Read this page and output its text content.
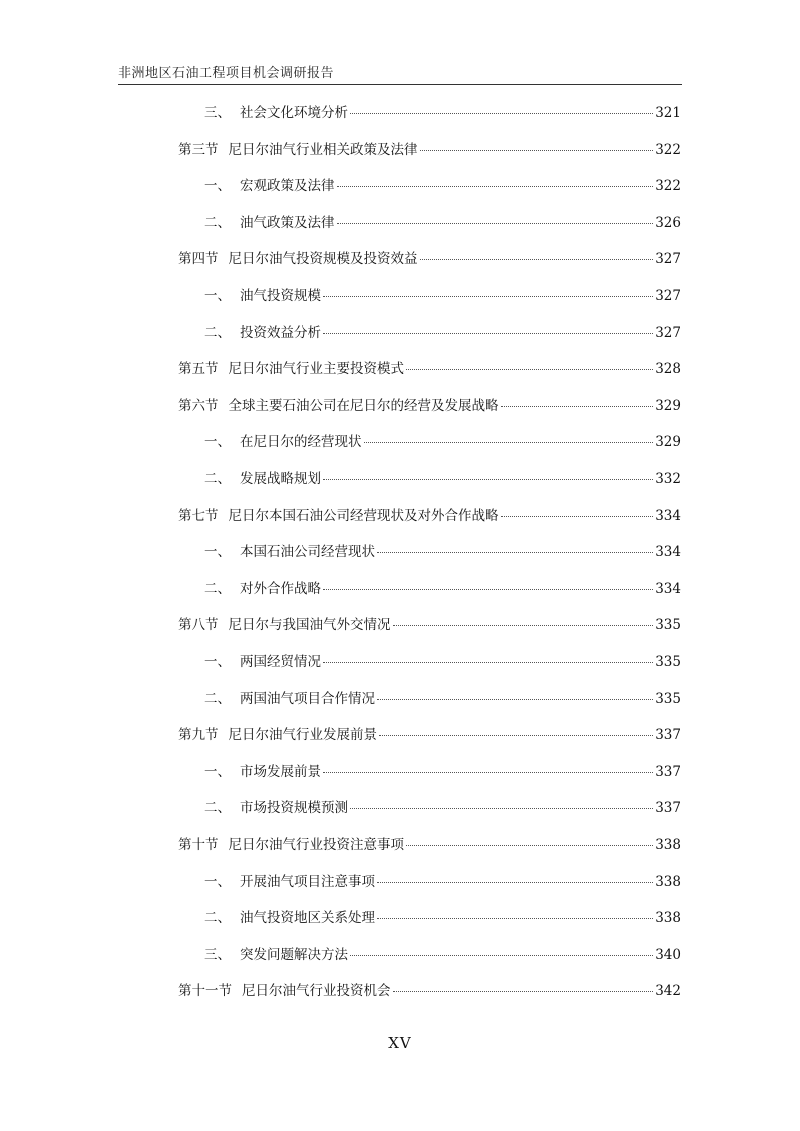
非洲地区石油工程项目机会调研报告
三、 社会文化环境分析	321
第三节 尼日尔油气行业相关政策及法律	322
一、 宏观政策及法律	322
二、 油气政策及法律	326
第四节 尼日尔油气投资规模及投资效益	327
一、 油气投资规模	327
二、 投资效益分析	327
第五节 尼日尔油气行业主要投资模式	328
第六节 全球主要石油公司在尼日尔的经营及发展战略	329
一、 在尼日尔的经营现状	329
二、 发展战略规划	332
第七节 尼日尔本国石油公司经营现状及对外合作战略	334
一、 本国石油公司经营现状	334
二、 对外合作战略	334
第八节 尼日尔与我国油气外交情况	335
一、 两国经贸情况	335
二、 两国油气项目合作情况	335
第九节 尼日尔油气行业发展前景	337
一、 市场发展前景	337
二、 市场投资规模预测	337
第十节 尼日尔油气行业投资注意事项	338
一、 开展油气项目注意事项	338
二、 油气投资地区关系处理	338
三、 突发问题解决方法	340
第十一节 尼日尔油气行业投资机会	342
XV
